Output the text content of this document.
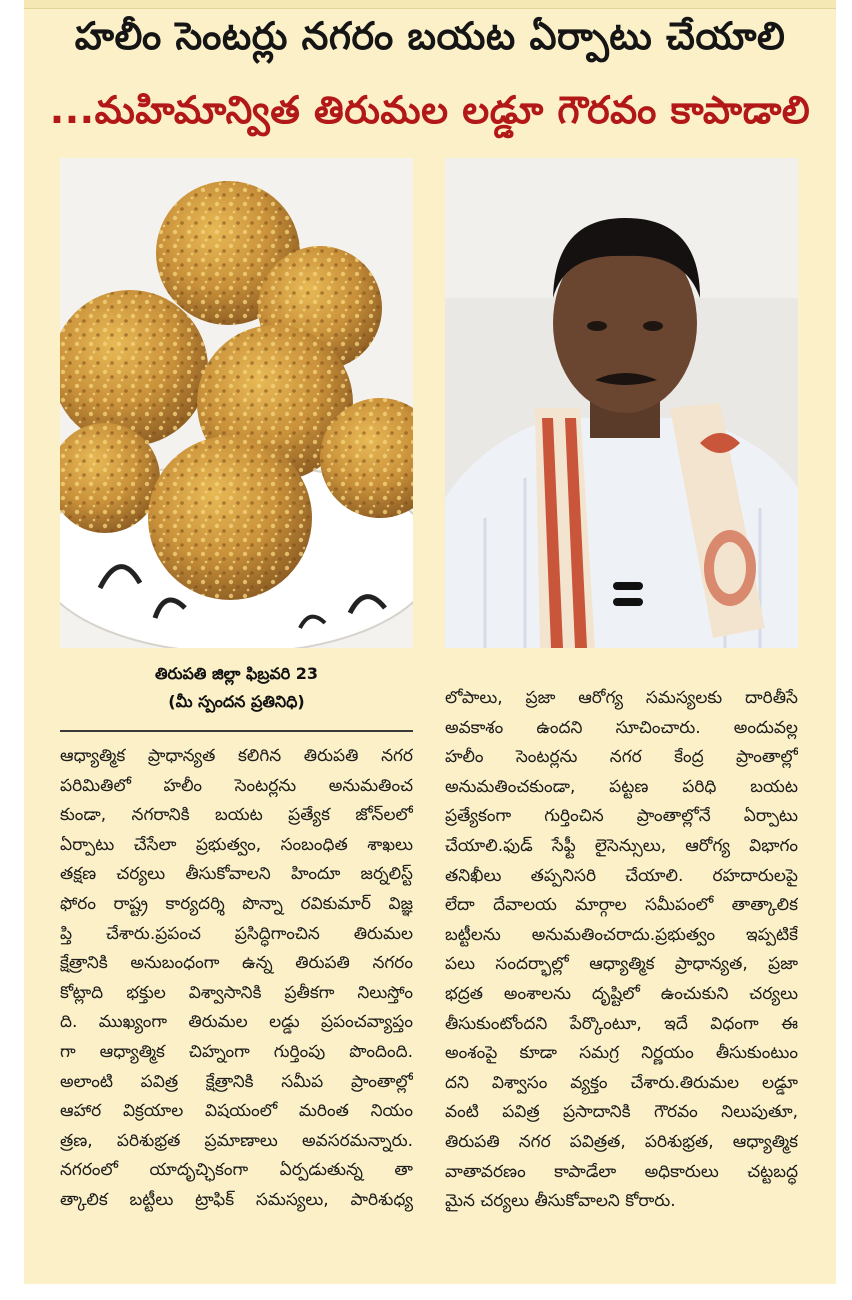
హలీం సెంటర్లు నగరం బయట ఏర్పాటు చేయాలి
...మహిమాన్విత తిరుమల లడ్డూ గౌరవం కాపాడాలి
తిరుపతి జిల్లా ఫిబ్రవరి 23
(మీ స్పందన ప్రతినిధి)
ఆధ్యాత్మిక ప్రాధాన్యత కలిగిన తిరుపతి నగర
పరిమితిలో హలీం సెంటర్లను అనుమతించ
కుండా, నగరానికి బయట ప్రత్యేక జోన్‌లలో
ఏర్పాటు చేసేలా ప్రభుత్వం, సంబంధిత శాఖలు
తక్షణ చర్యలు తీసుకోవాలని హిందూ జర్నలిస్ట్
ఫోరం రాష్ట్ర కార్యదర్శి పొన్నా రవికుమార్ విజ్ఞ
ప్తి చేశారు.ప్రపంచ ప్రసిద్ధిగాంచిన తిరుమల
క్షేత్రానికి అనుబంధంగా ఉన్న తిరుపతి నగరం
కోట్లాది భక్తుల విశ్వాసానికి ప్రతీకగా నిలుస్తోం
ది. ముఖ్యంగా తిరుమల లడ్డు ప్రపంచవ్యాప్తం
గా ఆధ్యాత్మిక చిహ్నంగా గుర్తింపు పొందింది.
అలాంటి పవిత్ర క్షేత్రానికి సమీప ప్రాంతాల్లో
ఆహార విక్రయాల విషయంలో మరింత నియం
త్రణ, పరిశుభ్రత ప్రమాణాలు అవసరమన్నారు.
నగరంలో యాదృచ్ఛికంగా ఏర్పడుతున్న తా
త్కాలిక బట్టీలు ట్రాఫిక్ సమస్యలు, పారిశుధ్య
లోపాలు, ప్రజా ఆరోగ్య సమస్యలకు దారితీసే
అవకాశం ఉందని సూచించారు. అందువల్ల
హలీం సెంటర్లను నగర కేంద్ర ప్రాంతాల్లో
అనుమతించకుండా, పట్టణ పరిధి బయట
ప్రత్యేకంగా గుర్తించిన ప్రాంతాల్లోనే ఏర్పాటు
చేయాలి.ఫుడ్ సేఫ్టీ లైసెన్సులు, ఆరోగ్య విభాగం
తనిఖీలు తప్పనిసరి చేయాలి. రహదారులపై
లేదా దేవాలయ మార్గాల సమీపంలో తాత్కాలిక
బట్టీలను అనుమతించరాదు.ప్రభుత్వం ఇప్పటికే
పలు సందర్భాల్లో ఆధ్యాత్మిక ప్రాధాన్యత, ప్రజా
భద్రత అంశాలను దృష్టిలో ఉంచుకుని చర్యలు
తీసుకుంటోందని పేర్కొంటూ, ఇదే విధంగా ఈ
అంశంపై కూడా సమగ్ర నిర్ణయం తీసుకుంటుం
దని విశ్వాసం వ్యక్తం చేశారు.తిరుమల లడ్డూ
వంటి పవిత్ర ప్రసాదానికి గౌరవం నిలుపుతూ,
తిరుపతి నగర పవిత్రత, పరిశుభ్రత, ఆధ్యాత్మిక
వాతావరణం కాపాడేలా అధికారులు చట్టబద్ధ
మైన చర్యలు తీసుకోవాలని కోరారు.
